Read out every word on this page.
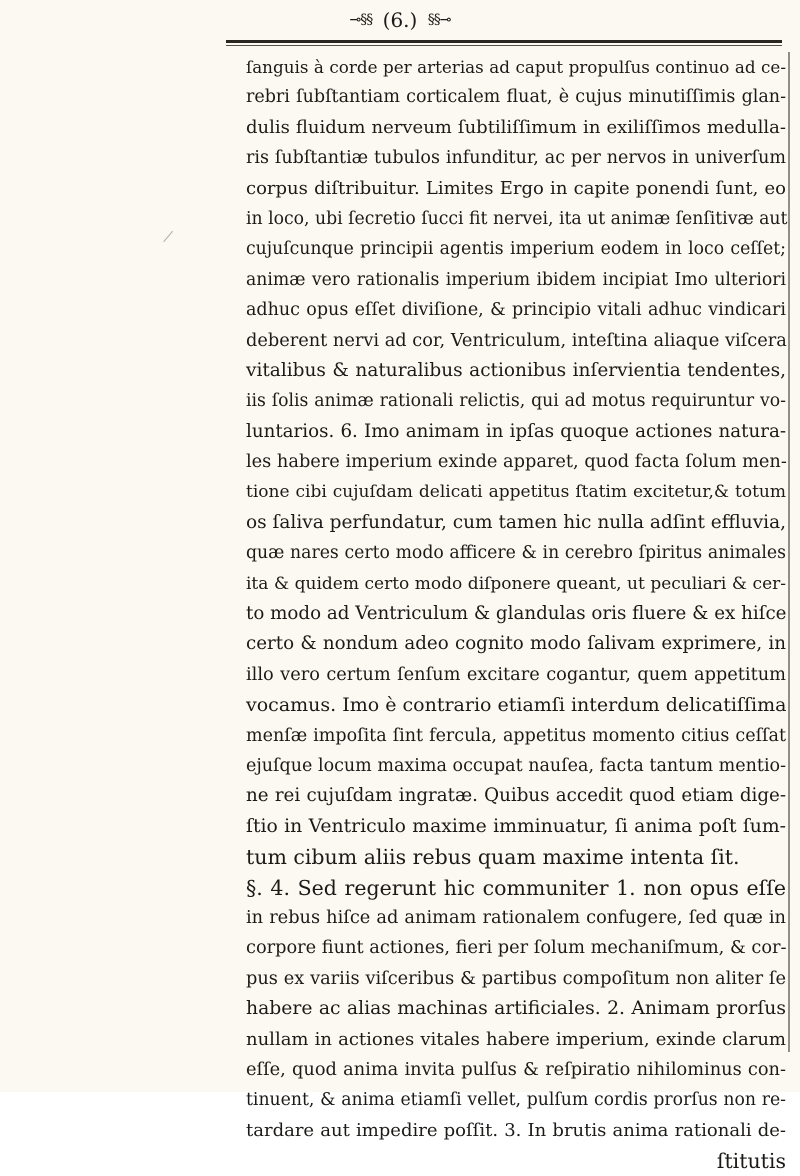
⊸§§ (6.) §§⊸
ſanguis à corde per arterias ad caput propulſus continuo ad ce-
rebri ſubſtantiam corticalem fluat, è cujus minutiſſimis glan-
dulis fluidum nerveum ſubtiliſſimum in exiliſſimos medulla-
ris ſubſtantiæ tubulos infunditur, ac per nervos in univerſum
corpus diſtribuitur. Limites Ergo in capite ponendi ſunt, eo
in loco, ubi ſecretio ſucci fit nervei, ita ut animæ ſenſitivæ aut
cujuſcunque principii agentis imperium eodem in loco ceſſet;
animæ vero rationalis imperium ibidem incipiat Imo ulteriori
adhuc opus eſſet diviſione, & principio vitali adhuc vindicari
deberent nervi ad cor, Ventriculum, inteſtina aliaque viſcera
vitalibus & naturalibus actionibus inſervientia tendentes,
iis ſolis animæ rationali relictis, qui ad motus requiruntur vo-
luntarios. 6. Imo animam in ipſas quoque actiones natura-
les habere imperium exinde apparet, quod facta ſolum men-
tione cibi cujuſdam delicati appetitus ſtatim excitetur,& totum
os ſaliva perfundatur, cum tamen hic nulla adſint effluvia,
quæ nares certo modo afficere & in cerebro ſpiritus animales
ita & quidem certo modo diſponere queant, ut peculiari & cer-
to modo ad Ventriculum & glandulas oris fluere & ex hiſce
certo & nondum adeo cognito modo ſalivam exprimere, in
illo vero certum ſenſum excitare cogantur, quem appetitum
vocamus. Imo è contrario etiamſi interdum delicatiſſima
menſæ impoſita ſint fercula, appetitus momento citius ceſſat
ejuſque locum maxima occupat nauſea, facta tantum mentio-
ne rei cujuſdam ingratæ. Quibus accedit quod etiam dige-
ſtio in Ventriculo maxime imminuatur, ſi anima poſt ſum-
tum cibum aliis rebus quam maxime intenta ſit.
§. 4. Sed regerunt hic communiter 1. non opus eſſe
in rebus hiſce ad animam rationalem confugere, ſed quæ in
corpore fiunt actiones, fieri per ſolum mechaniſmum, & cor-
pus ex variis viſceribus & partibus compoſitum non aliter ſe
habere ac alias machinas artificiales. 2. Animam prorſus
nullam in actiones vitales habere imperium, exinde clarum
eſſe, quod anima invita pulſus & reſpiratio nihilominus con-
tinuent, & anima etiamſi vellet, pulſum cordis prorſus non re-
tardare aut impedire poſſit. 3. In brutis anima rationali de-
ſtitutis
